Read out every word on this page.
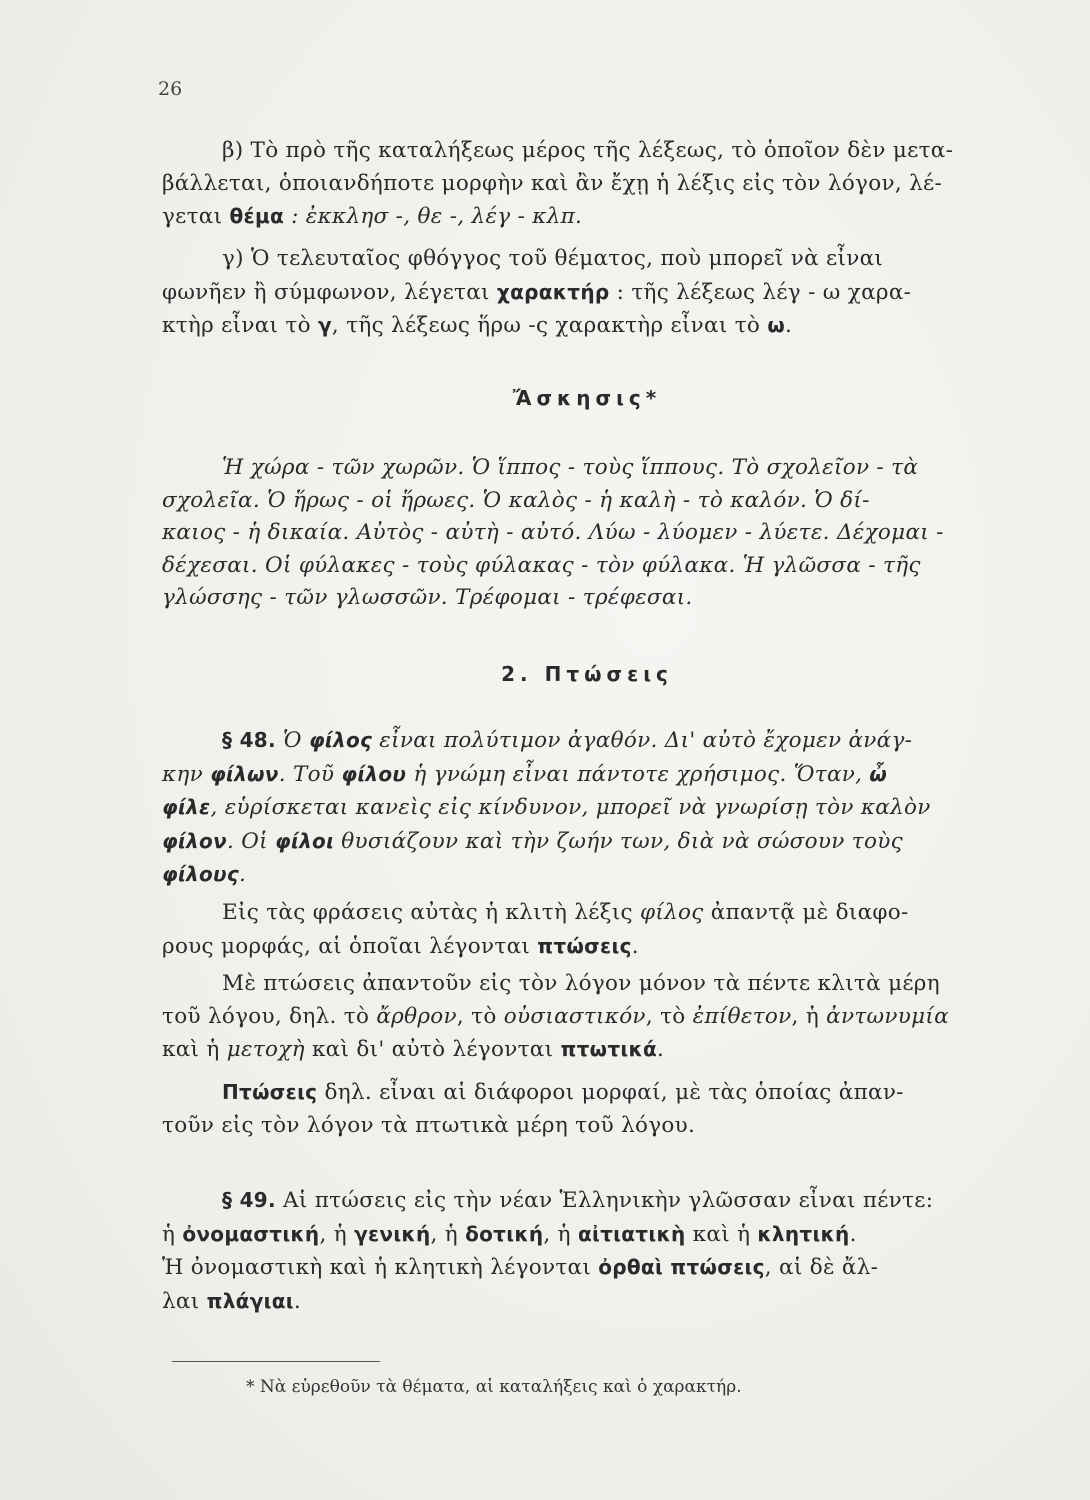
26
β) Τὸ πρὸ τῆς καταλήξεως μέρος τῆς λέξεως, τὸ ὁποῖον δὲν μετα-
βάλλεται, ὁποιανδήποτε μορφὴν καὶ ἂν ἔχῃ ἡ λέξις εἰς τὸν λόγον, λέ-
γεται θέμα : ἐκκλησ -, θε -, λέγ - κλπ.
γ) Ὁ τελευταῖος φθόγγος τοῦ θέματος, ποὺ μπορεῖ νὰ εἶναι
φωνῆεν ἢ σύμφωνον, λέγεται χαρακτήρ : τῆς λέξεως λέγ - ω χαρα-
κτὴρ εἶναι τὸ γ, τῆς λέξεως ἥρω -ς χαρακτὴρ εἶναι τὸ ω.
Ἄσκησις*
Ἡ χώρα - τῶν χωρῶν. Ὁ ἵππος - τοὺς ἵππους. Τὸ σχολεῖον - τὰ
σχολεῖα. Ὁ ἥρως - οἱ ἥρωες. Ὁ καλὸς - ἡ καλὴ - τὸ καλόν. Ὁ δί-
καιος - ἡ δικαία. Αὐτὸς - αὐτὴ - αὐτό. Λύω - λύομεν - λύετε. Δέχομαι -
δέχεσαι. Οἱ φύλακες - τοὺς φύλακας - τὸν φύλακα. Ἡ γλῶσσα - τῆς
γλώσσης - τῶν γλωσσῶν. Τρέφομαι - τρέφεσαι.
2. Πτώσεις
§ 48. Ὁ φίλος εἶναι πολύτιμον ἀγαθόν. Δι' αὐτὸ ἔχομεν ἀνάγ-
κην φίλων. Τοῦ φίλου ἡ γνώμη εἶναι πάντοτε χρήσιμος. Ὅταν, ὦ
φίλε, εὑρίσκεται κανεὶς εἰς κίνδυνον, μπορεῖ νὰ γνωρίσῃ τὸν καλὸν
φίλον. Οἱ φίλοι θυσιάζουν καὶ τὴν ζωήν των, διὰ νὰ σώσουν τοὺς
φίλους.
Εἰς τὰς φράσεις αὐτὰς ἡ κλιτὴ λέξις φίλος ἀπαντᾷ μὲ διαφο-
ρους μορφάς, αἱ ὁποῖαι λέγονται πτώσεις.
Μὲ πτώσεις ἀπαντοῦν εἰς τὸν λόγον μόνον τὰ πέντε κλιτὰ μέρη
τοῦ λόγου, δηλ. τὸ ἄρθρον, τὸ οὐσιαστικόν, τὸ ἐπίθετον, ἡ ἀντωνυμία
καὶ ἡ μετοχὴ καὶ δι' αὐτὸ λέγονται πτωτικά.
Πτώσεις δηλ. εἶναι αἱ διάφοροι μορφαί, μὲ τὰς ὁποίας ἀπαν-
τοῦν εἰς τὸν λόγον τὰ πτωτικὰ μέρη τοῦ λόγου.
§ 49. Αἱ πτώσεις εἰς τὴν νέαν Ἑλληνικὴν γλῶσσαν εἶναι πέντε:
ἡ ὀνομαστική, ἡ γενική, ἡ δοτική, ἡ αἰτιατικὴ καὶ ἡ κλητική.
Ἡ ὀνομαστικὴ καὶ ἡ κλητικὴ λέγονται ὀρθαὶ πτώσεις, αἱ δὲ ἄλ-
λαι πλάγιαι.
* Νὰ εὑρεθοῦν τὰ θέματα, αἱ καταλήξεις καὶ ὁ χαρακτήρ.
